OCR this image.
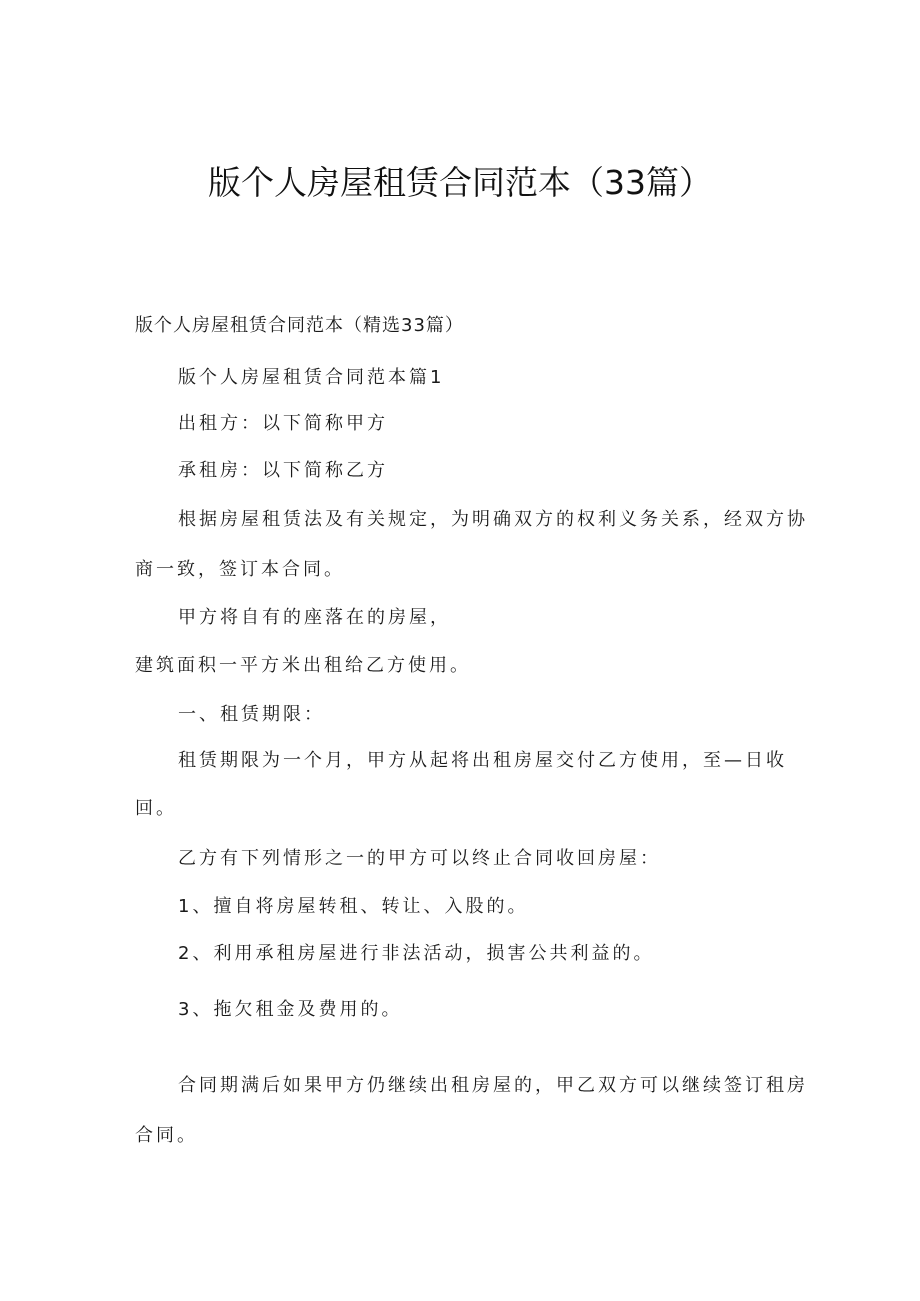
版个人房屋租赁合同范本（33篇）
版个人房屋租赁合同范本（精选33篇）
版个人房屋租赁合同范本篇1
出租方：以下简称甲方
承租房：以下简称乙方
根据房屋租赁法及有关规定，为明确双方的权利义务关系，经双方协
商一致，签订本合同。
甲方将自有的座落在的房屋，
建筑面积一平方米出租给乙方使用。
一、租赁期限：
租赁期限为一个月，甲方从起将出租房屋交付乙方使用，至—日收
回。
乙方有下列情形之一的甲方可以终止合同收回房屋：
1、擅自将房屋转租、转让、入股的。
2、利用承租房屋进行非法活动，损害公共利益的。
3、拖欠租金及费用的。
合同期满后如果甲方仍继续出租房屋的，甲乙双方可以继续签订租房
合同。
